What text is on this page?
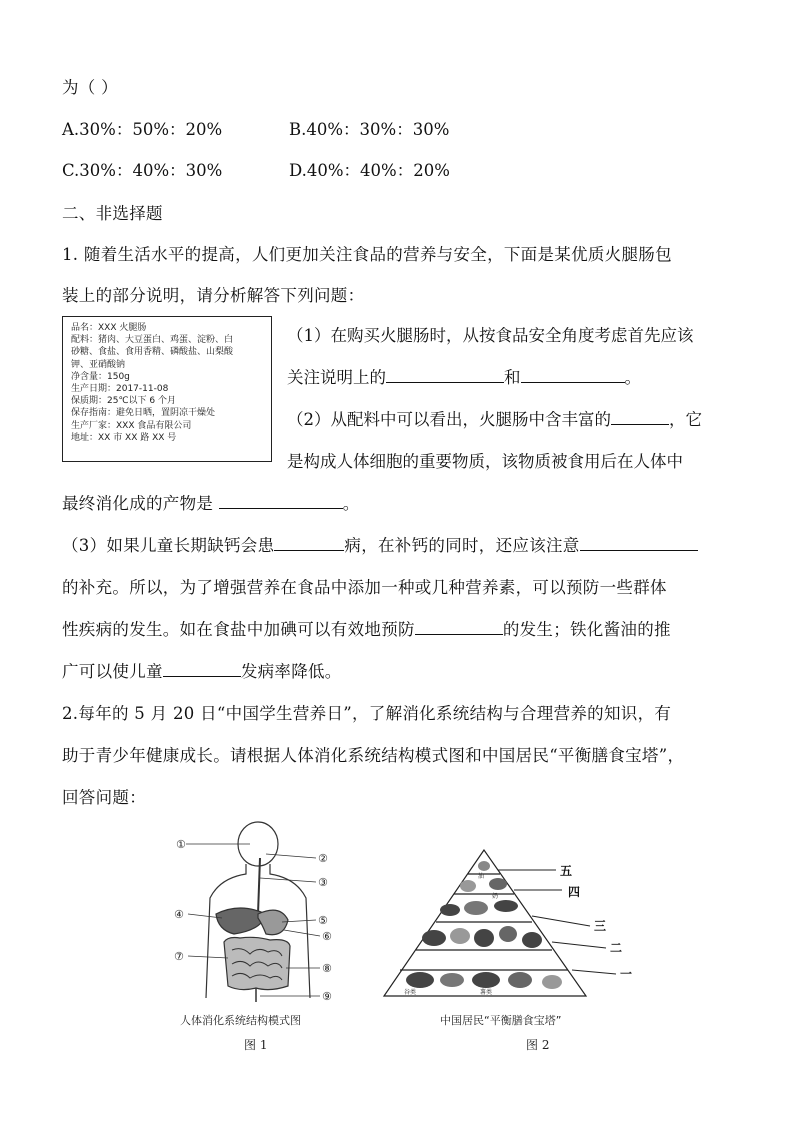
为（ ）
A.30%：50%：20%	B.40%：30%：30%
C.30%：40%：30%	D.40%：40%：20%
二、非选择题
1. 随着生活水平的提高，人们更加关注食品的营养与安全，下面是某优质火腿肠包
装上的部分说明，请分析解答下列问题：
品名：XXX 火腿肠
配料：猪肉、大豆蛋白、鸡蛋、淀粉、白
砂糖、食盐、食用香精、磷酸盐、山梨酸
钾、亚硝酸钠
净含量：150g
生产日期：2017-11-08
保质期：25℃以下 6 个月
保存指南：避免日晒，置阴凉干燥处
生产厂家：XXX 食品有限公司
地址：XX 市 XX 路 XX 号
（1）在购买火腿肠时，从按食品安全角度考虑首先应该
关注说明上的	和	。
（2）从配料中可以看出，火腿肠中含丰富的	，它
是构成人体细胞的重要物质，该物质被食用后在人体中
最终消化成的产物是	。
（3）如果儿童长期缺钙会患	病，在补钙的同时，还应该注意
的补充。所以，为了增强营养在食品中添加一种或几种营养素，可以预防一些群体
性疾病的发生。如在食盐中加碘可以有效地预防	的发生；铁化酱油的推
广可以使儿童	发病率降低。
2.每年的 5 月 20 日“中国学生营养日”，了解消化系统结构与合理营养的知识，有
助于青少年健康成长。请根据人体消化系统结构模式图和中国居民“平衡膳食宝塔”，
回答问题：
①
②
③
④	⑤
⑥
⑦
⑧
⑨
人体消化系统结构模式图
图 1
油
奶
谷类	薯类
五
四
三
二
一
中国居民“平衡膳食宝塔”
图 2
